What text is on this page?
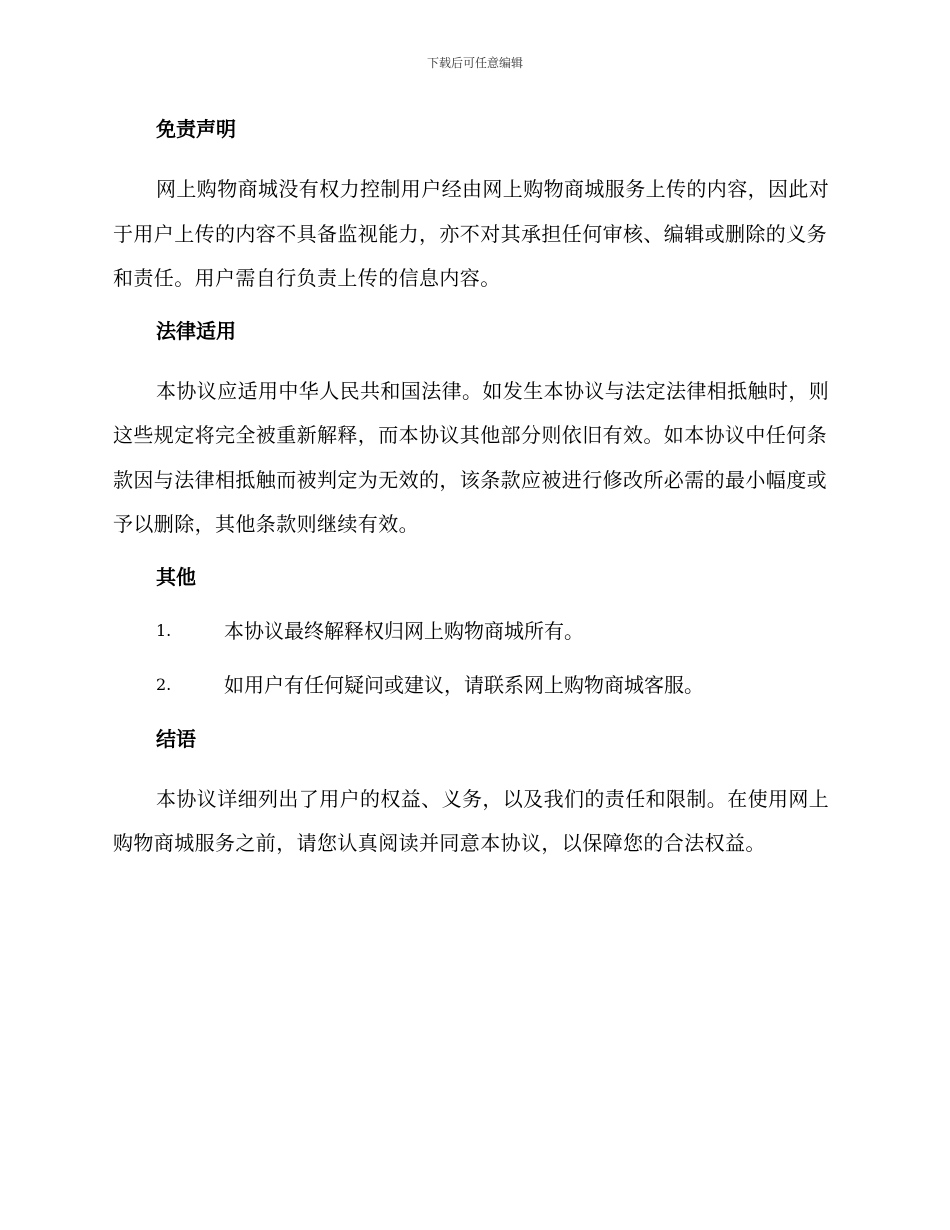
下载后可任意编辑
免责声明

网上购物商城没有权力控制用户经由网上购物商城服务上传的内容，因此对于用户上传的内容不具备监视能力，亦不对其承担任何审核、编辑或删除的义务和责任。用户需自行负责上传的信息内容。

法律适用

本协议应适用中华人民共和国法律。如发生本协议与法定法律相抵触时，则这些规定将完全被重新解释，而本协议其他部分则依旧有效。如本协议中任何条款因与法律相抵触而被判定为无效的，该条款应被进行修改所必需的最小幅度或予以删除，其他条款则继续有效。

其他
1.	本协议最终解释权归网上购物商城所有。
2.	如用户有任何疑问或建议，请联系网上购物商城客服。
结语

本协议详细列出了用户的权益、义务，以及我们的责任和限制。在使用网上购物商城服务之前，请您认真阅读并同意本协议，以保障您的合法权益。
